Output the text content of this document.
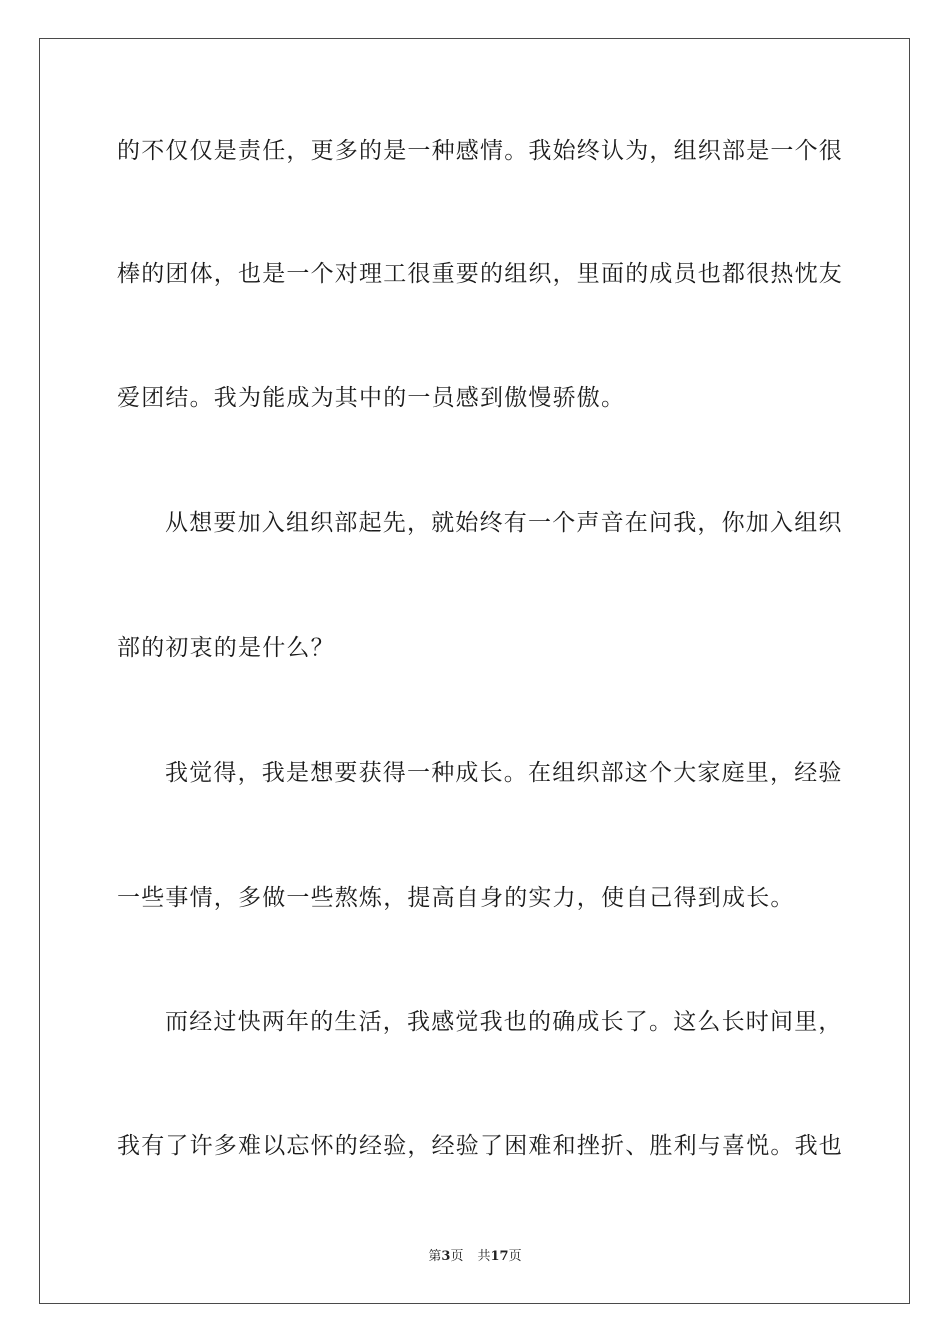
的不仅仅是责任，更多的是一种感情。我始终认为，组织部是一个很
棒的团体，也是一个对理工很重要的组织，里面的成员也都很热忱友
爱团结。我为能成为其中的一员感到傲慢骄傲。
从想要加入组织部起先，就始终有一个声音在问我，你加入组织
部的初衷的是什么？
我觉得，我是想要获得一种成长。在组织部这个大家庭里，经验
一些事情，多做一些熬炼，提高自身的实力，使自己得到成长。
而经过快两年的生活，我感觉我也的确成长了。这么长时间里，
我有了许多难以忘怀的经验，经验了困难和挫折、胜利与喜悦。我也
第3页 共17页
